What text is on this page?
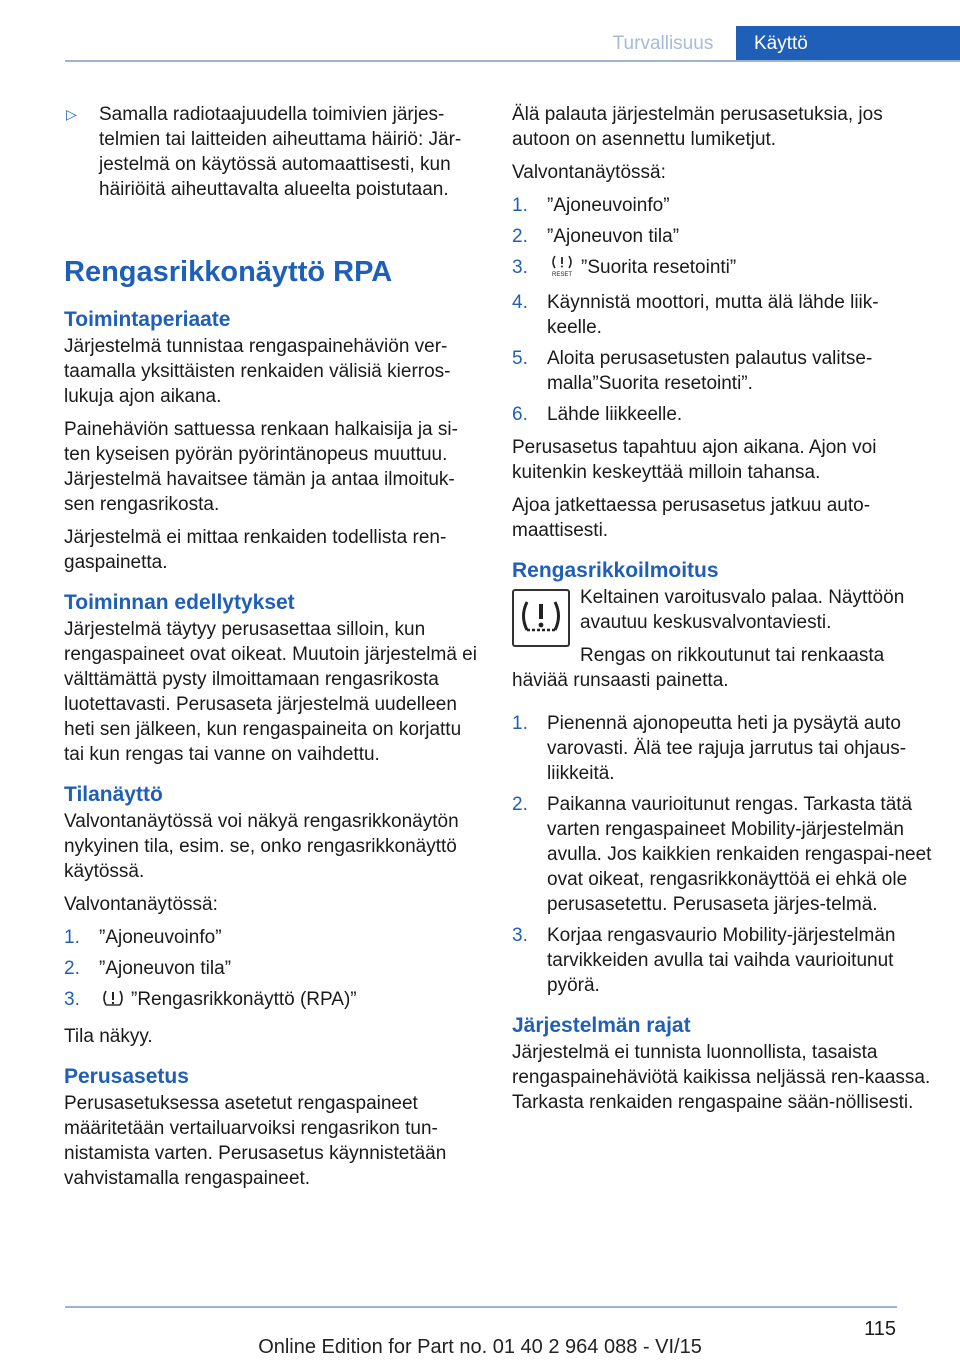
Turvallisuus	Käyttö
▷ Samalla radiotaajuudella toimivien järjes-telmien tai laitteiden aiheuttama häiriö: Jär-jestelmä on käytössä automaattisesti, kun häiriöitä aiheuttavalta alueelta poistutaan.
Rengasrikkonäyttö RPA
Toimintaperiaate

Järjestelmä tunnistaa rengaspainehäviön ver-taamalla yksittäisten renkaiden välisiä kierros-lukuja ajon aikana.

Painehäviön sattuessa renkaan halkaisija ja si-ten kyseisen pyörän pyörintänopeus muuttuu. Järjestelmä havaitsee tämän ja antaa ilmoituk-sen rengasrikosta.

Järjestelmä ei mittaa renkaiden todellista ren-gaspainetta.

Toiminnan edellytykset

Järjestelmä täytyy perusasettaa silloin, kun rengaspaineet ovat oikeat. Muutoin järjestelmä ei välttämättä pysty ilmoittamaan rengasrikosta luotettavasti. Perusaseta järjestelmä uudelleen heti sen jälkeen, kun rengaspaineita on korjattu tai kun rengas tai vanne on vaihdettu.

Tilanäyttö

Valvontanäytössä voi näkyä rengasrikkonäytön nykyinen tila, esim. se, onko rengasrikkonäyttö käytössä.

Valvontanäytössä:

1. ”Ajoneuvoinfo”
2. ”Ajoneuvon tila”
3.	”Rengasrikkonäyttö (RPA)”

Tila näkyy.

Perusasetus

Perusasetuksessa asetetut rengaspaineet määritetään vertailuarvoiksi rengasrikon tun-nistamista varten. Perusasetus käynnistetään vahvistamalla rengaspaineet.

Älä palauta järjestelmän perusasetuksia, jos autoon on asennettu lumiketjut.

Valvontanäytössä:

1. ”Ajoneuvoinfo”
2. ”Ajoneuvon tila”
3.	RESET ”Suorita resetointi”
4. Käynnistä moottori, mutta älä lähde liik-keelle.
5. Aloita perusasetusten palautus valitse-malla”Suorita resetointi”.
6. Lähde liikkeelle.

Perusasetus tapahtuu ajon aikana. Ajon voi kuitenkin keskeyttää milloin tahansa.

Ajoa jatkettaessa perusasetus jatkuu auto-maattisesti.

Rengasrikkoilmoitus

Keltainen varoitusvalo palaa. Näyttöön avautuu keskusvalvontaviesti.

Rengas on rikkoutunut tai renkaasta häviää runsaasti painetta.

1. Pienennä ajonopeutta heti ja pysäytä auto varovasti. Älä tee rajuja jarrutus tai ohjaus-liikkeitä.
2. Paikanna vaurioitunut rengas. Tarkasta tätä varten rengaspaineet Mobility-järjestelmän avulla. Jos kaikkien renkaiden rengaspai-neet ovat oikeat, rengasrikkonäyttöä ei ehkä ole perusasetettu. Perusaseta järjes-telmä.
3. Korjaa rengasvaurio Mobility-järjestelmän tarvikkeiden avulla tai vaihda vaurioitunut pyörä.
Järjestelmän rajat

Järjestelmä ei tunnista luonnollista, tasaista rengaspainehäviötä kaikissa neljässä ren-kaassa. Tarkasta renkaiden rengaspaine sään-nöllisesti.

115
Online Edition for Part no. 01 40 2 964 088 - VI/15
